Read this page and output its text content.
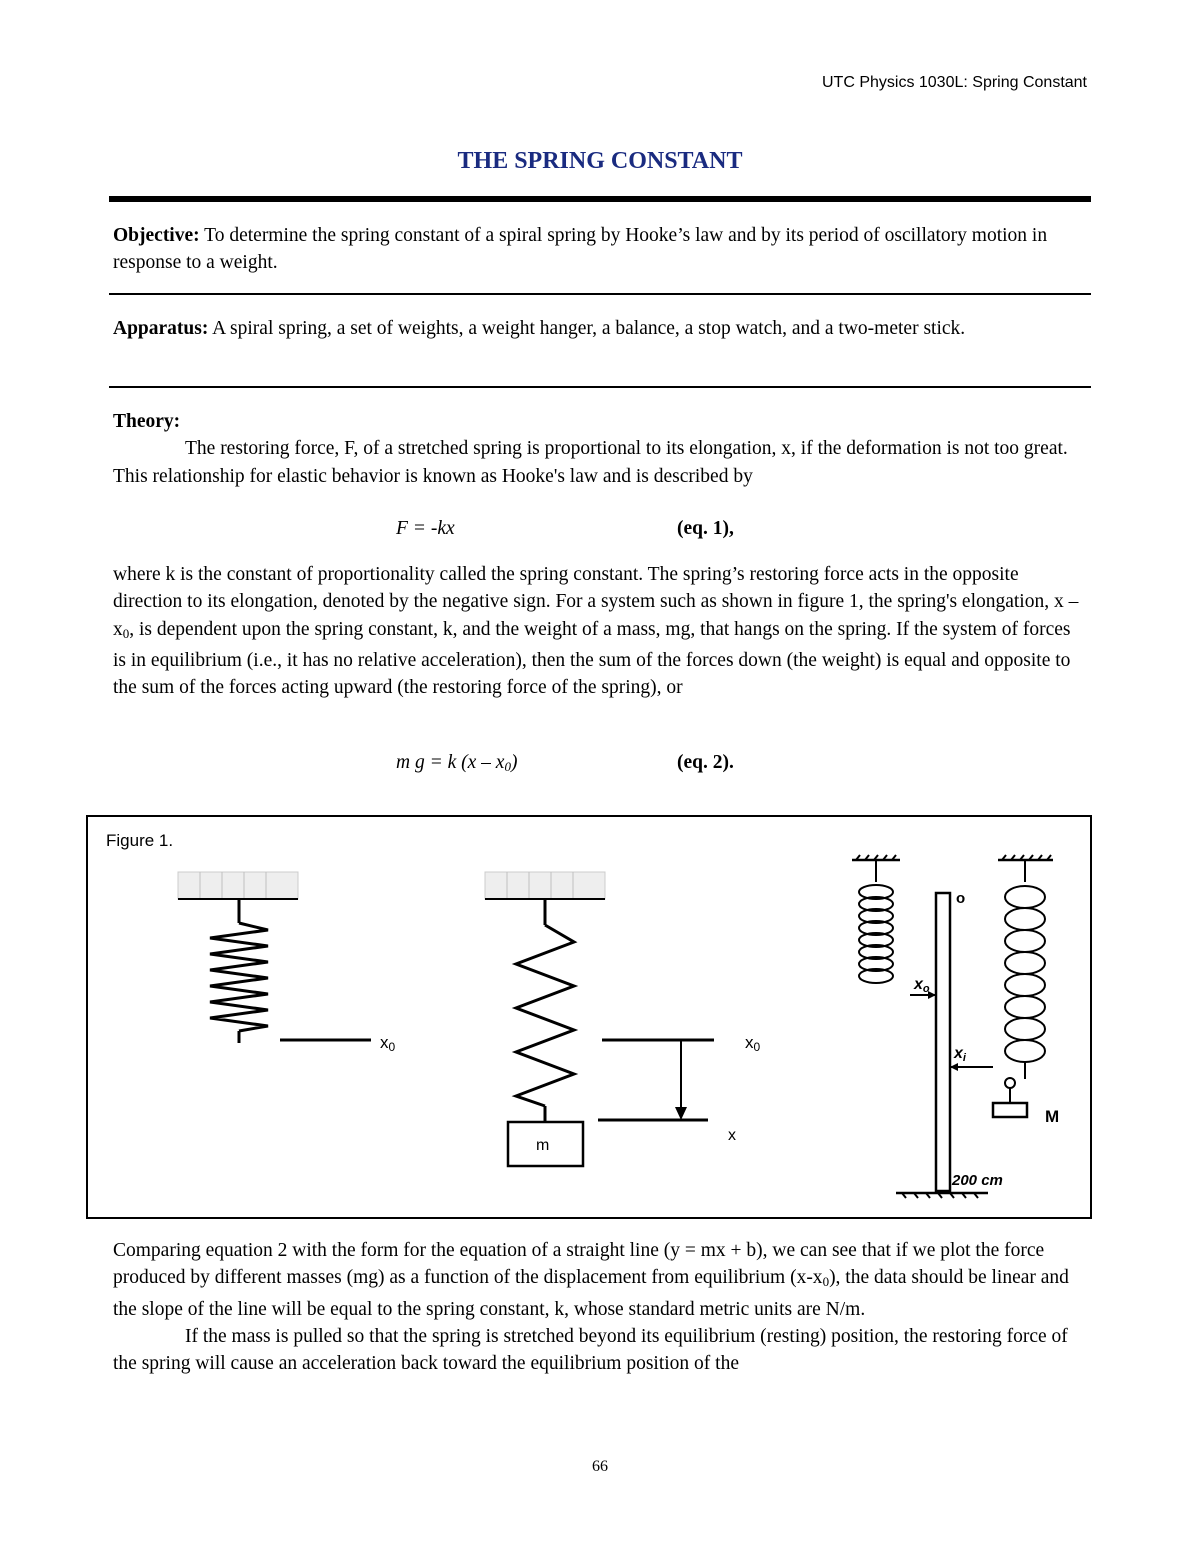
UTC Physics 1030L: Spring Constant
THE SPRING CONSTANT

Objective: To determine the spring constant of a spiral spring by Hooke’s law and by its period of oscillatory motion in response to a weight.

Apparatus: A spiral spring, a set of weights, a weight hanger, a balance, a stop watch, and a two-meter stick.

Theory:

The restoring force, F, of a stretched spring is proportional to its elongation, x, if the deformation is not too great. This relationship for elastic behavior is known as Hooke's law and is described by

F = -kx	(eq. 1),

where k is the constant of proportionality called the spring constant. The spring’s restoring force acts in the opposite direction to its elongation, denoted by the negative sign. For a system such as shown in figure 1, the spring's elongation, x – $x_0$, is dependent upon the spring constant, k, and the weight of a mass, mg, that hangs on the spring. If the system of forces is in equilibrium (i.e., it has no relative acceleration), then the sum of the forces down (the weight) is equal and opposite to the sum of the forces acting upward (the restoring force of the spring), or

m g = k $(x - x_0)$	(eq. 2).
Figure 1.
x0
m
x0
x
o
xo
xi
M
200 cm

Comparing equation 2 with the form for the equation of a straight line (y = mx + b), we can see that if we plot the force produced by different masses (mg) as a function of the displacement from equilibrium $(x-x_0)$, the data should be linear and the slope of the line will be equal to the spring constant, k, whose standard metric units are N/m.

If the mass is pulled so that the spring is stretched beyond its equilibrium (resting) position, the restoring force of the spring will cause an acceleration back toward the equilibrium position of the

66
